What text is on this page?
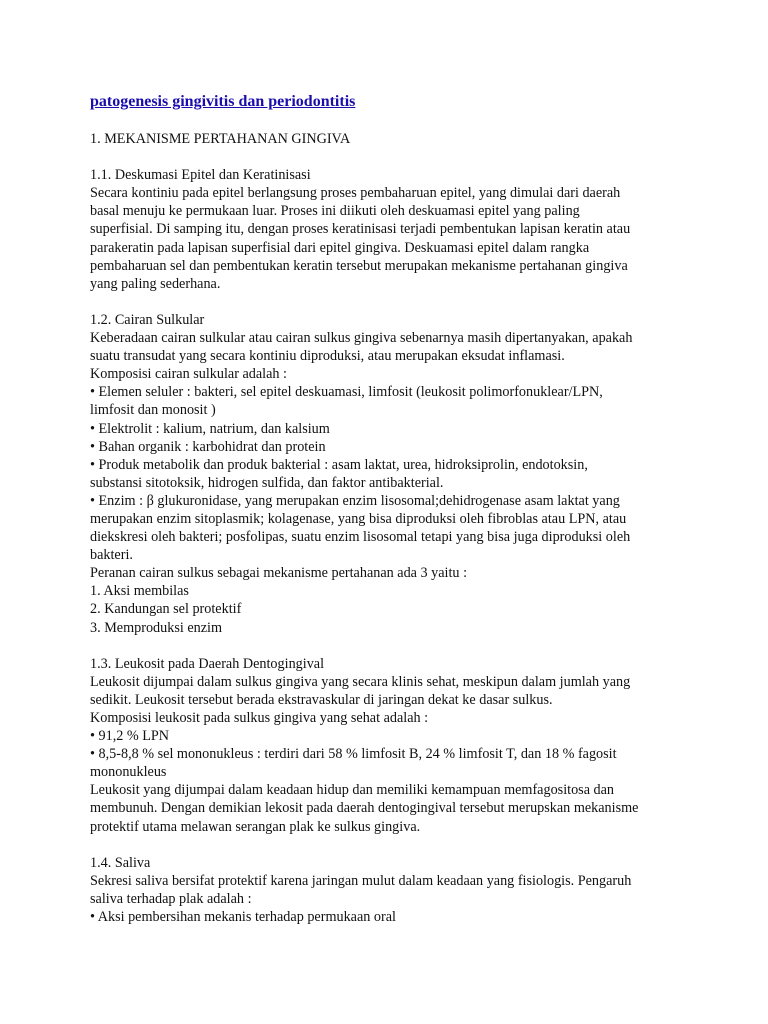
patogenesis gingivitis dan periodontitis
1. MEKANISME PERTAHANAN GINGIVA
1.1. Deskumasi Epitel dan Keratinisasi
Secara kontiniu pada epitel berlangsung proses pembaharuan epitel, yang dimulai dari daerah
basal menuju ke permukaan luar. Proses ini diikuti oleh deskuamasi epitel yang paling
superfisial. Di samping itu, dengan proses keratinisasi terjadi pembentukan lapisan keratin atau
parakeratin pada lapisan superfisial dari epitel gingiva. Deskuamasi epitel dalam rangka
pembaharuan sel dan pembentukan keratin tersebut merupakan mekanisme pertahanan gingiva
yang paling sederhana.
1.2. Cairan Sulkular
Keberadaan cairan sulkular atau cairan sulkus gingiva sebenarnya masih dipertanyakan, apakah
suatu transudat yang secara kontiniu diproduksi, atau merupakan eksudat inflamasi.
Komposisi cairan sulkular adalah :
• Elemen seluler : bakteri, sel epitel deskuamasi, limfosit (leukosit polimorfonuklear/LPN,
limfosit dan monosit )
• Elektrolit : kalium, natrium, dan kalsium
• Bahan organik : karbohidrat dan protein
• Produk metabolik dan produk bakterial : asam laktat, urea, hidroksiprolin, endotoksin,
substansi sitotoksik, hidrogen sulfida, dan faktor antibakterial.
• Enzim : β glukuronidase, yang merupakan enzim lisosomal;dehidrogenase asam laktat yang
merupakan enzim sitoplasmik; kolagenase, yang bisa diproduksi oleh fibroblas atau LPN, atau
diekskresi oleh bakteri; posfolipas, suatu enzim lisosomal tetapi yang bisa juga diproduksi oleh
bakteri.
Peranan cairan sulkus sebagai mekanisme pertahanan ada 3 yaitu :
1. Aksi membilas
2. Kandungan sel protektif
3. Memproduksi enzim
1.3. Leukosit pada Daerah Dentogingival
Leukosit dijumpai dalam sulkus gingiva yang secara klinis sehat, meskipun dalam jumlah yang
sedikit. Leukosit tersebut berada ekstravaskular di jaringan dekat ke dasar sulkus.
Komposisi leukosit pada sulkus gingiva yang sehat adalah :
• 91,2 % LPN
• 8,5-8,8 % sel mononukleus : terdiri dari 58 % limfosit B, 24 % limfosit T, dan 18 % fagosit
mononukleus
Leukosit yang dijumpai dalam keadaan hidup dan memiliki kemampuan memfagositosa dan
membunuh. Dengan demikian lekosit pada daerah dentogingival tersebut merupskan mekanisme
protektif utama melawan serangan plak ke sulkus gingiva.
1.4. Saliva
Sekresi saliva bersifat protektif karena jaringan mulut dalam keadaan yang fisiologis. Pengaruh
saliva terhadap plak adalah :
• Aksi pembersihan mekanis terhadap permukaan oral
